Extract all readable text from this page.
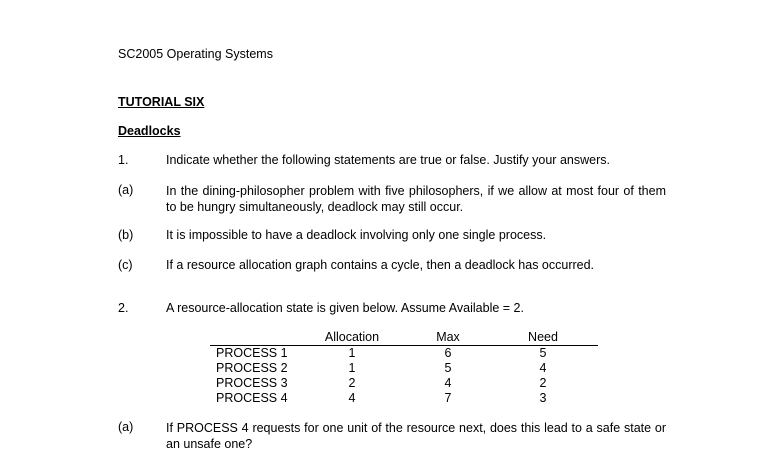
SC2005 Operating Systems
TUTORIAL SIX
Deadlocks
1.	Indicate whether the following statements are true or false. Justify your answers.
(a)	In the dining-philosopher problem with five philosophers, if we allow at most four of them to be hungry simultaneously, deadlock may still occur.
(b)	It is impossible to have a deadlock involving only one single process.
(c)	If a resource allocation graph contains a cycle, then a deadlock has occurred.
2.	A resource-allocation state is given below. Assume Available = 2.
	Allocation	Max	Need
PROCESS 1	1	6	5
PROCESS 2	1	5	4
PROCESS 3	2	4	2
PROCESS 4	4	7	3
(a)	If PROCESS 4 requests for one unit of the resource next, does this lead to a safe state or an unsafe one?
